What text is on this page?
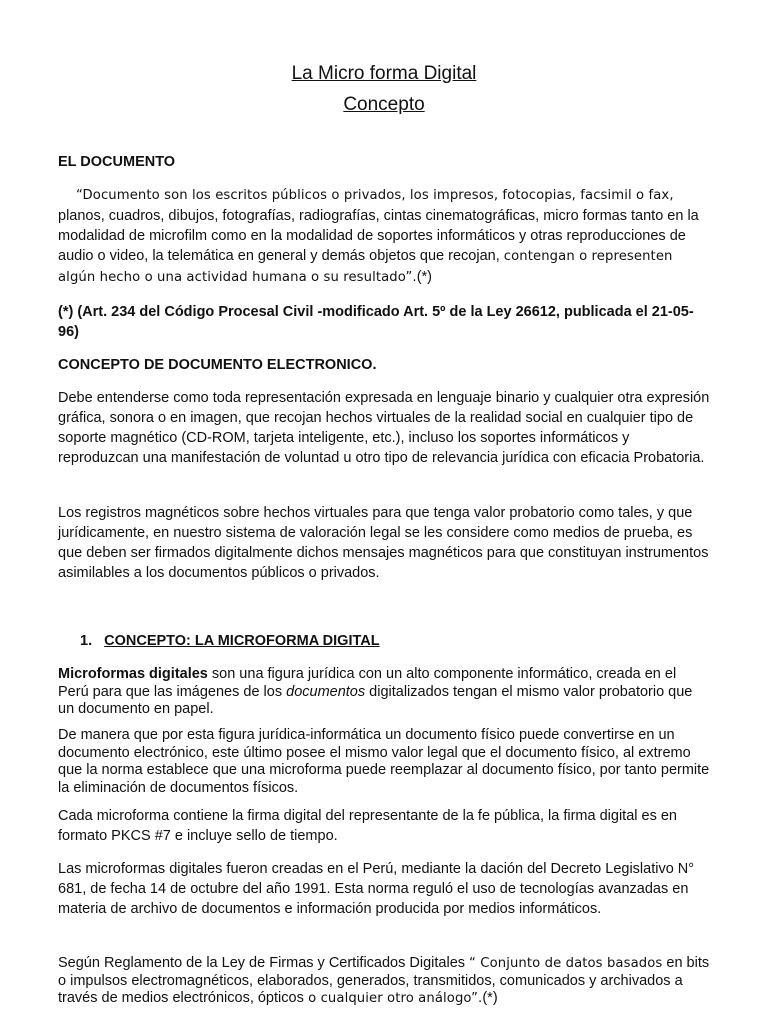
La Micro forma Digital
Concepto
EL DOCUMENTO
“Documento son los escritos públicos o privados, los impresos, fotocopias, facsimil o fax, planos, cuadros, dibujos, fotografías, radiografías, cintas cinematográficas, micro formas tanto en la modalidad de microfilm como en la modalidad de soportes informáticos y otras reproducciones de audio o video, la telemática en general y demás objetos que recojan, contengan o representen algún hecho o una actividad humana o su resultado”.(*)
(*) (Art. 234 del Código Procesal Civil -modificado Art. 5º de la Ley 26612, publicada el 21-05-96)
CONCEPTO DE DOCUMENTO ELECTRONICO.
Debe entenderse como toda representación expresada en lenguaje binario y cualquier otra expresión gráfica, sonora o en imagen, que recojan hechos virtuales de la realidad social en cualquier tipo de soporte magnético (CD-ROM, tarjeta inteligente, etc.), incluso los soportes informáticos y reproduzcan una manifestación de voluntad u otro tipo de relevancia jurídica con eficacia Probatoria.
Los registros magnéticos sobre hechos virtuales para que tenga valor probatorio como tales, y que jurídicamente, en nuestro sistema de valoración legal se les considere como medios de prueba, es que deben ser firmados digitalmente dichos mensajes magnéticos para que constituyan instrumentos asimilables a los documentos públicos o privados.
1. CONCEPTO: LA MICROFORMA DIGITAL
Microformas digitales son una figura jurídica con un alto componente informático, creada en el Perú para que las imágenes de los documentos digitalizados tengan el mismo valor probatorio que un documento en papel.
De manera que por esta figura jurídica-informática un documento físico puede convertirse en un documento electrónico, este último posee el mismo valor legal que el documento físico, al extremo que la norma establece que una microforma puede reemplazar al documento físico, por tanto permite la eliminación de documentos físicos.
Cada microforma contiene la firma digital del representante de la fe pública, la firma digital es en formato PKCS #7 e incluye sello de tiempo.
Las microformas digitales fueron creadas en el Perú, mediante la dación del Decreto Legislativo N° 681, de fecha 14 de octubre del año 1991. Esta norma reguló el uso de tecnologías avanzadas en materia de archivo de documentos e información producida por medios informáticos.
Según Reglamento de la Ley de Firmas y Certificados Digitales “ Conjunto de datos basados en bits o impulsos electromagnéticos, elaborados, generados, transmitidos, comunicados y archivados a través de medios electrónicos, ópticos o cualquier otro análogo”.(*)
